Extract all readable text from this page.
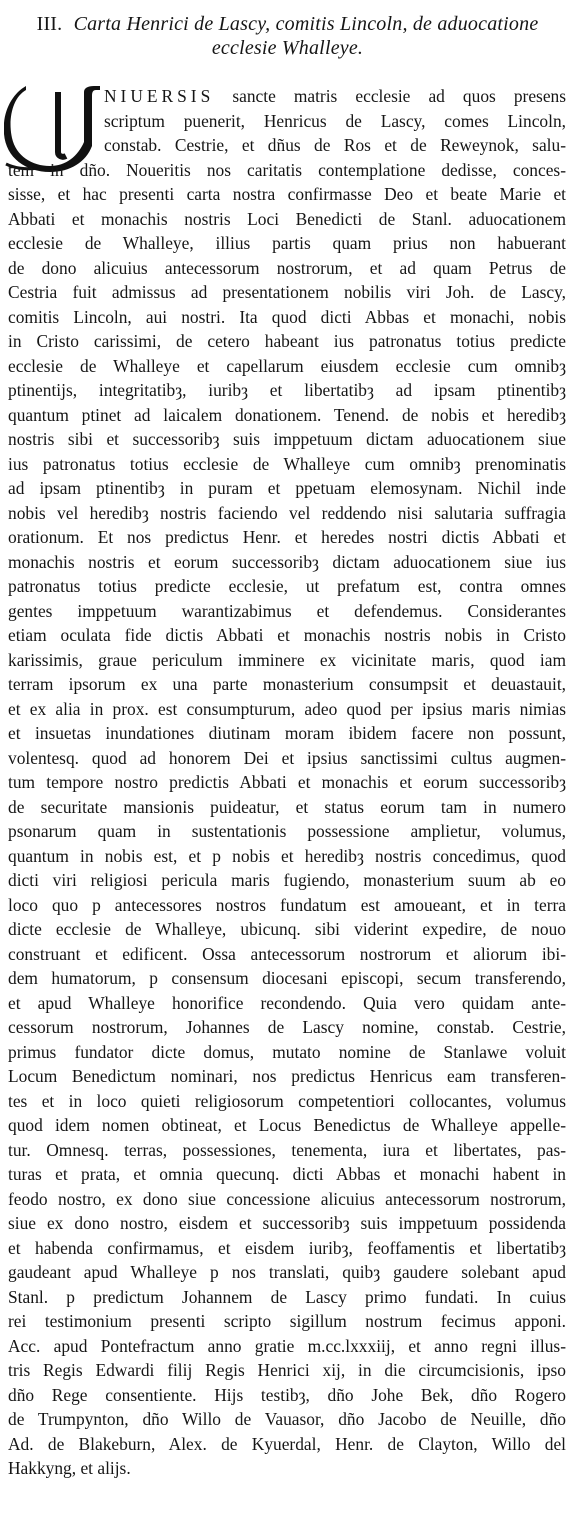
III. Carta Henrici de Lascy, comitis Lincoln, de aduocatione
ecclesie Whalleye.
NIUERSIS sancte matris ecclesie ad quos presens
scriptum puenerit, Henricus de Lascy, comes Lincoln,
constab. Cestrie, et dñus de Ros et de Reweynok, salu-
tem in dño. Noueritis nos caritatis contemplatione dedisse, conces-
sisse, et hac presenti carta nostra confirmasse Deo et beate Marie et
Abbati et monachis nostris Loci Benedicti de Stanl. aduocationem
ecclesie de Whalleye, illius partis quam prius non habuerant
de dono alicuius antecessorum nostrorum, et ad quam Petrus de
Cestria fuit admissus ad presentationem nobilis viri Joh. de Lascy,
comitis Lincoln, aui nostri. Ita quod dicti Abbas et monachi, nobis
in Cristo carissimi, de cetero habeant ius patronatus totius predicte
ecclesie de Whalleye et capellarum eiusdem ecclesie cum omnibȝ
ptinentijs, integritatibȝ, iuribȝ et libertatibȝ ad ipsam ptinentibȝ
quantum ptinet ad laicalem donationem. Tenend. de nobis et heredibȝ
nostris sibi et successoribȝ suis imppetuum dictam aduocationem siue
ius patronatus totius ecclesie de Whalleye cum omnibȝ prenominatis
ad ipsam ptinentibȝ in puram et ppetuam elemosynam. Nichil inde
nobis vel heredibȝ nostris faciendo vel reddendo nisi salutaria suffragia
orationum. Et nos predictus Henr. et heredes nostri dictis Abbati et
monachis nostris et eorum successoribȝ dictam aduocationem siue ius
patronatus totius predicte ecclesie, ut prefatum est, contra omnes
gentes imppetuum warantizabimus et defendemus. Considerantes
etiam oculata fide dictis Abbati et monachis nostris nobis in Cristo
karissimis, graue periculum imminere ex vicinitate maris, quod iam
terram ipsorum ex una parte monasterium consumpsit et deuastauit,
et ex alia in prox. est consumpturum, adeo quod per ipsius maris nimias
et insuetas inundationes diutinam moram ibidem facere non possunt,
volentesq. quod ad honorem Dei et ipsius sanctissimi cultus augmen-
tum tempore nostro predictis Abbati et monachis et eorum successoribȝ
de securitate mansionis puideatur, et status eorum tam in numero
psonarum quam in sustentationis possessione amplietur, volumus,
quantum in nobis est, et p nobis et heredibȝ nostris concedimus, quod
dicti viri religiosi pericula maris fugiendo, monasterium suum ab eo
loco quo p antecessores nostros fundatum est amoueant, et in terra
dicte ecclesie de Whalleye, ubicunq. sibi viderint expedire, de nouo
construant et edificent. Ossa antecessorum nostrorum et aliorum ibi-
dem humatorum, p consensum diocesani episcopi, secum transferendo,
et apud Whalleye honorifice recondendo. Quia vero quidam ante-
cessorum nostrorum, Johannes de Lascy nomine, constab. Cestrie,
primus fundator dicte domus, mutato nomine de Stanlawe voluit
Locum Benedictum nominari, nos predictus Henricus eam transferen-
tes et in loco quieti religiosorum competentiori collocantes, volumus
quod idem nomen obtineat, et Locus Benedictus de Whalleye appelle-
tur. Omnesq. terras, possessiones, tenementa, iura et libertates, pas-
turas et prata, et omnia quecunq. dicti Abbas et monachi habent in
feodo nostro, ex dono siue concessione alicuius antecessorum nostrorum,
siue ex dono nostro, eisdem et successoribȝ suis imppetuum possidenda
et habenda confirmamus, et eisdem iuribȝ, feoffamentis et libertatibȝ
gaudeant apud Whalleye p nos translati, quibȝ gaudere solebant apud
Stanl. p predictum Johannem de Lascy primo fundati. In cuius
rei testimonium presenti scripto sigillum nostrum fecimus apponi.
Acc. apud Pontefractum anno gratie m.cc.lxxxiij, et anno regni illus-
tris Regis Edwardi filij Regis Henrici xij, in die circumcisionis, ipso
dño Rege consentiente. Hijs testibȝ, dño Johe Bek, dño Rogero
de Trumpynton, dño Willo de Vauasor, dño Jacobo de Neuille, dño
Ad. de Blakeburn, Alex. de Kyuerdal, Henr. de Clayton, Willo del
Hakkyng, et alijs.
